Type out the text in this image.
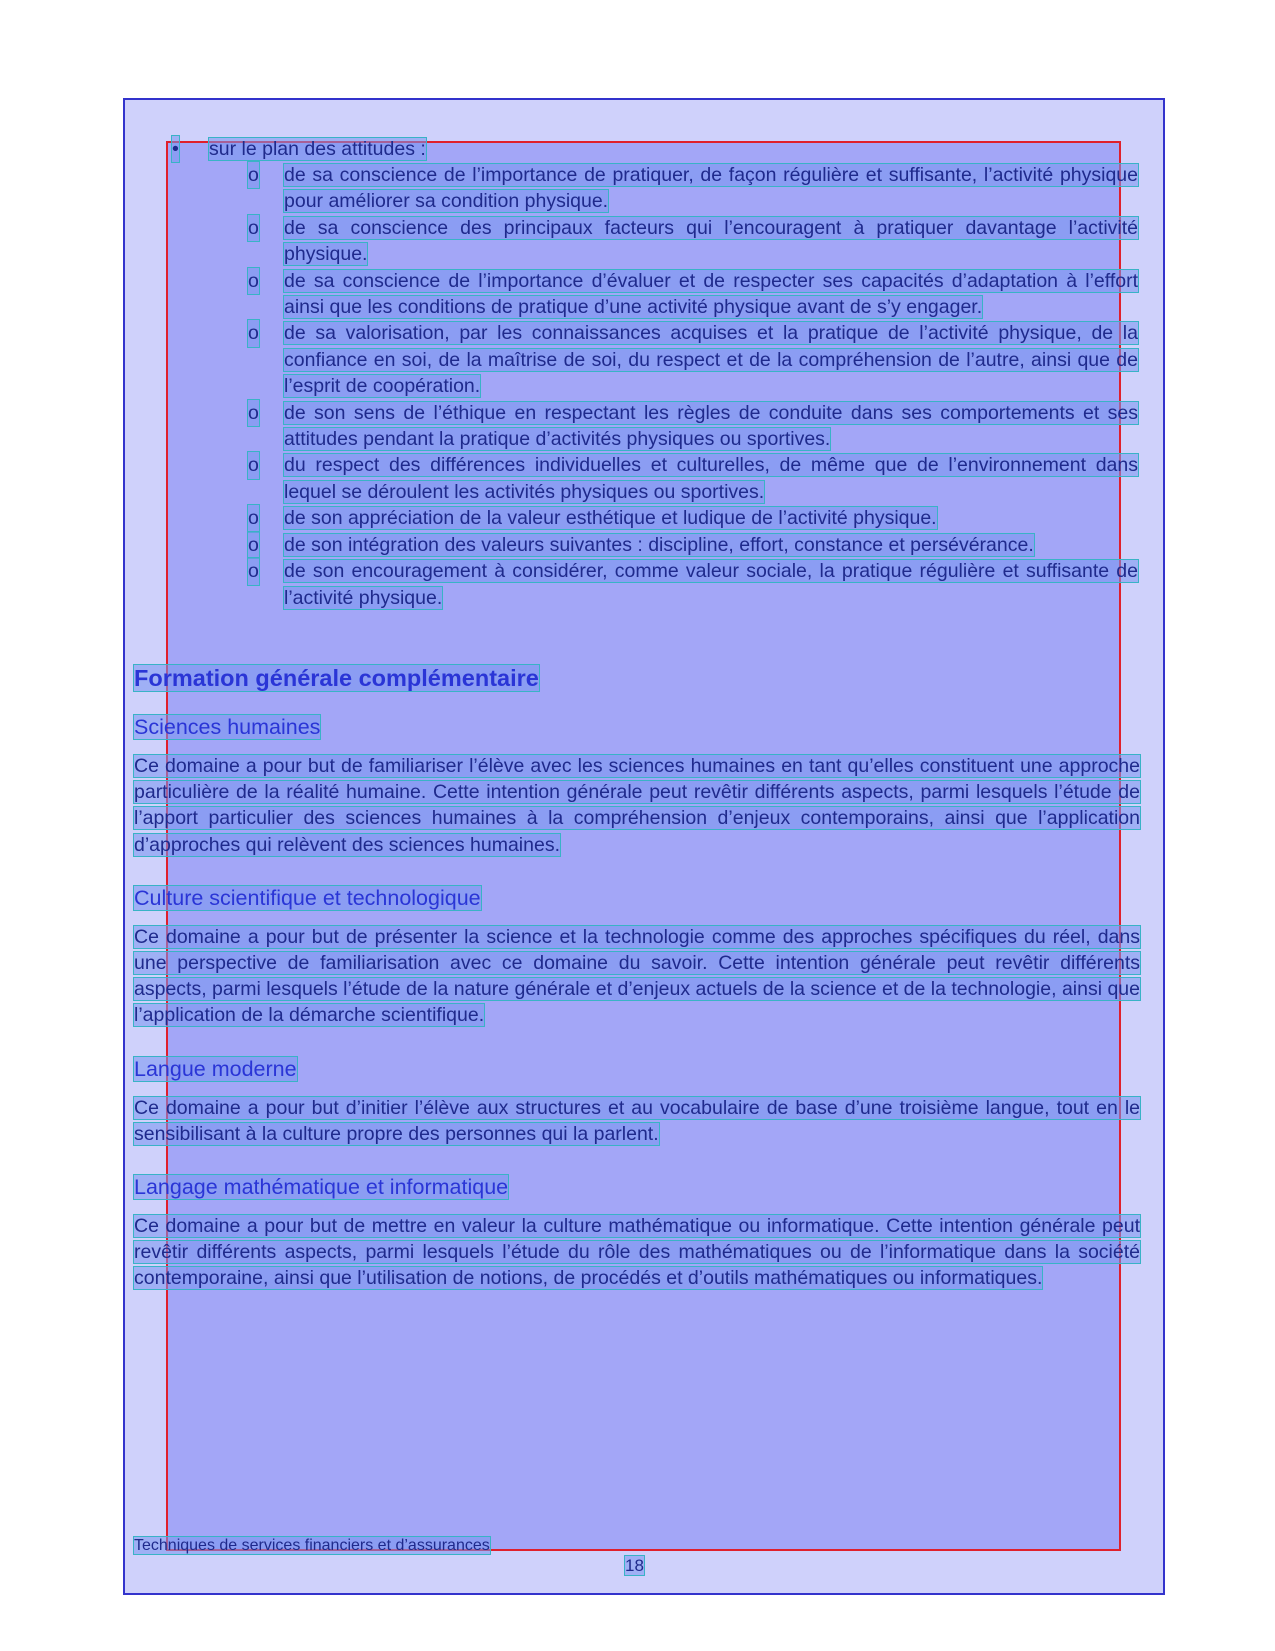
• sur le plan des attitudes :

o de sa conscience de l’importance de pratiquer, de façon régulière et suffisante, l’activité physique pour améliorer sa condition physique.
o de sa conscience des principaux facteurs qui l’encouragent à pratiquer davantage l’activité physique.
o de sa conscience de l’importance d’évaluer et de respecter ses capacités d’adaptation à l’effort ainsi que les conditions de pratique d’une activité physique avant de s’y engager.
o de sa valorisation, par les connaissances acquises et la pratique de l’activité physique, de la confiance en soi, de la maîtrise de soi, du respect et de la compréhension de l’autre, ainsi que de l’esprit de coopération.
o de son sens de l’éthique en respectant les règles de conduite dans ses comportements et ses attitudes pendant la pratique d’activités physiques ou sportives.
o du respect des différences individuelles et culturelles, de même que de l’environnement dans lequel se déroulent les activités physiques ou sportives.
o de son appréciation de la valeur esthétique et ludique de l’activité physique.
o de son intégration des valeurs suivantes : discipline, effort, constance et persévérance.
o de son encouragement à considérer, comme valeur sociale, la pratique régulière et suffisante de l’activité physique.
Formation générale complémentaire
Sciences humaines

Ce domaine a pour but de familiariser l’élève avec les sciences humaines en tant qu’elles constituent une approche particulière de la réalité humaine. Cette intention générale peut revêtir différents aspects, parmi lesquels l’étude de l’apport particulier des sciences humaines à la compréhension d’enjeux contemporains, ainsi que l’application d’approches qui relèvent des sciences humaines.

Culture scientifique et technologique

Ce domaine a pour but de présenter la science et la technologie comme des approches spécifiques du réel, dans une perspective de familiarisation avec ce domaine du savoir. Cette intention générale peut revêtir différents aspects, parmi lesquels l’étude de la nature générale et d’enjeux actuels de la science et de la technologie, ainsi que l’application de la démarche scientifique.

Langue moderne

Ce domaine a pour but d’initier l’élève aux structures et au vocabulaire de base d’une troisième langue, tout en le sensibilisant à la culture propre des personnes qui la parlent.

Langage mathématique et informatique

Ce domaine a pour but de mettre en valeur la culture mathématique ou informatique. Cette intention générale peut revêtir différents aspects, parmi lesquels l’étude du rôle des mathématiques ou de l’informatique dans la société contemporaine, ainsi que l’utilisation de notions, de procédés et d’outils mathématiques ou informatiques.

Techniques de services financiers et d’assurances
18
